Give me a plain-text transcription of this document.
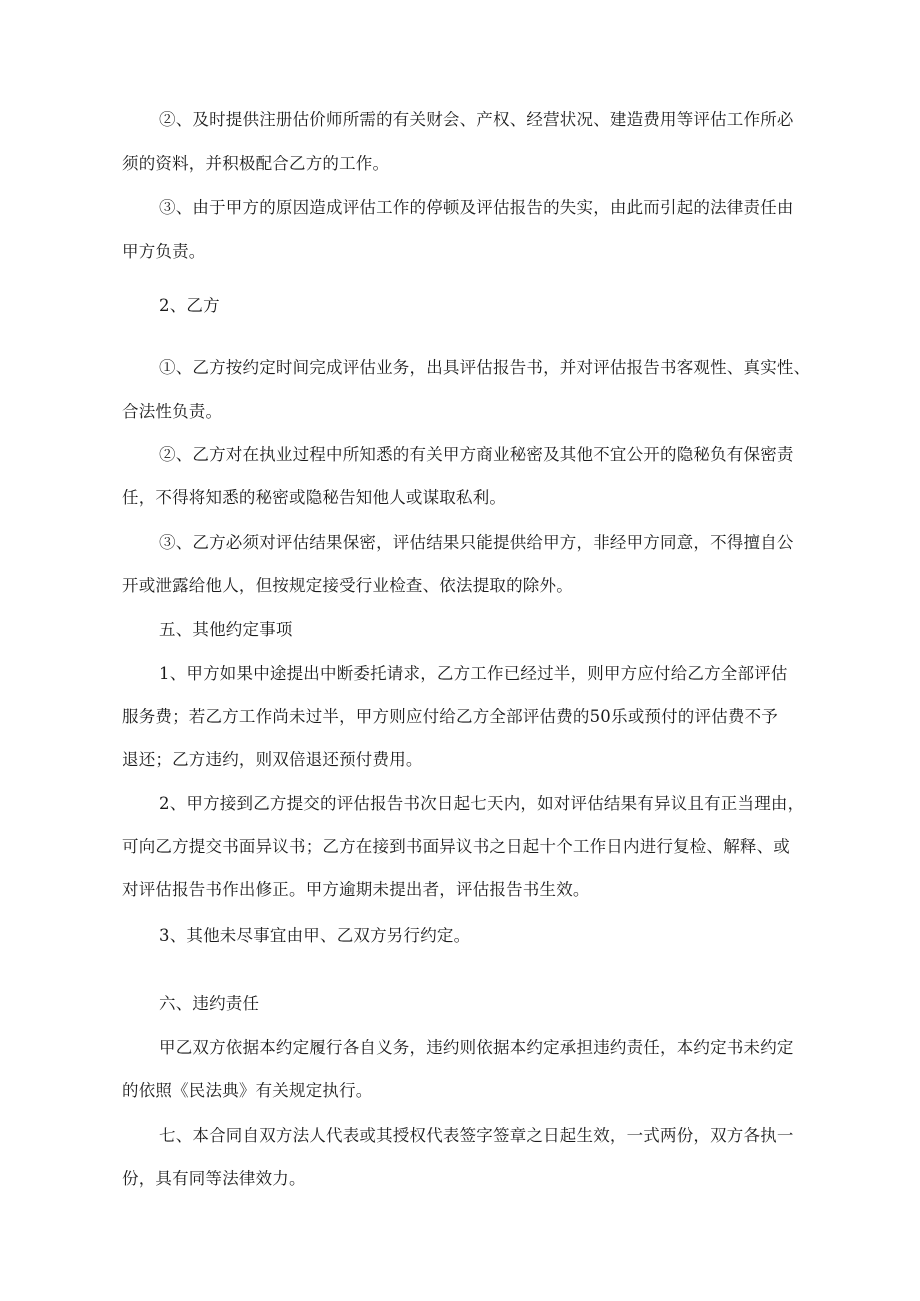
②、及时提供注册估价师所需的有关财会、产权、经营状况、建造费用等评估工作所必
须的资料，并积极配合乙方的工作。
③、由于甲方的原因造成评估工作的停顿及评估报告的失实，由此而引起的法律责任由
甲方负责。
2、乙方
①、乙方按约定时间完成评估业务，出具评估报告书，并对评估报告书客观性、真实性、
合法性负责。
②、乙方对在执业过程中所知悉的有关甲方商业秘密及其他不宜公开的隐秘负有保密责
任，不得将知悉的秘密或隐秘告知他人或谋取私利。
③、乙方必须对评估结果保密，评估结果只能提供给甲方，非经甲方同意，不得擅自公
开或泄露给他人，但按规定接受行业检查、依法提取的除外。
五、其他约定事项
1、甲方如果中途提出中断委托请求，乙方工作已经过半，则甲方应付给乙方全部评估
服务费；若乙方工作尚未过半，甲方则应付给乙方全部评估费的50乐或预付的评估费不予
退还；乙方违约，则双倍退还预付费用。
2、甲方接到乙方提交的评估报告书次日起七天内，如对评估结果有异议且有正当理由，
可向乙方提交书面异议书；乙方在接到书面异议书之日起十个工作日内进行复检、解释、或
对评估报告书作出修正。甲方逾期未提出者，评估报告书生效。
3、其他未尽事宜由甲、乙双方另行约定。
六、违约责任
甲乙双方依据本约定履行各自义务，违约则依据本约定承担违约责任，本约定书未约定
的依照《民法典》有关规定执行。
七、本合同自双方法人代表或其授权代表签字签章之日起生效，一式两份，双方各执一
份，具有同等法律效力。
